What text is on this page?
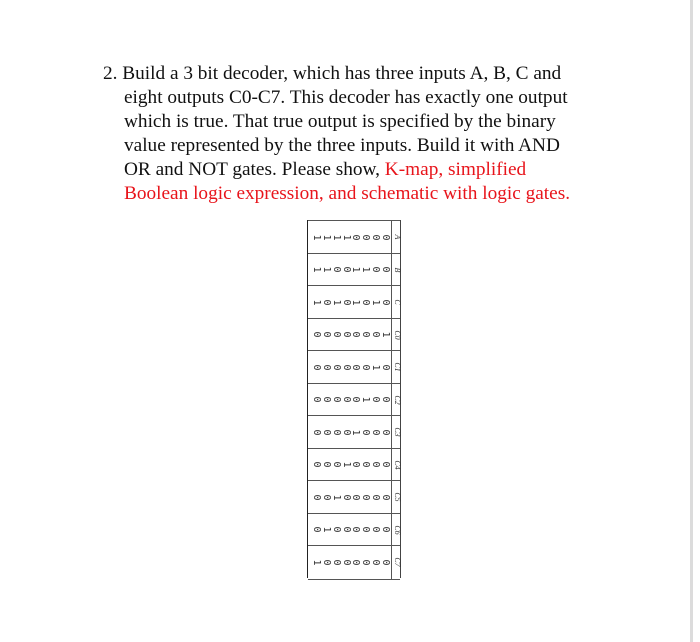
2. Build a 3 bit decoder, which has three inputs A, B, C and
eight outputs C0-C7. This decoder has exactly one output
which is true. That true output is specified by the binary
value represented by the three inputs. Build it with AND
OR and NOT gates. Please show, K-map, simplified
Boolean logic expression, and schematic with logic gates.
1
1
1
1
0
0
0
0 A
1
1
0
0
1
1
0
0 B
1
0
1
0
1
0
1
0 C
0
0
0
0
0
0
0
1 C0
0
0
0
0
0
0
1
0 C1
0
0
0
0
0
1
0
0 C2
0
0
0
0
1
0
0
0 C3
0
0
0
1
0
0
0
0 C4
0
0
1
0
0
0
0
0 C5
0
1
0
0
0
0
0
0 C6
1
0
0
0
0
0
0
0 C7
